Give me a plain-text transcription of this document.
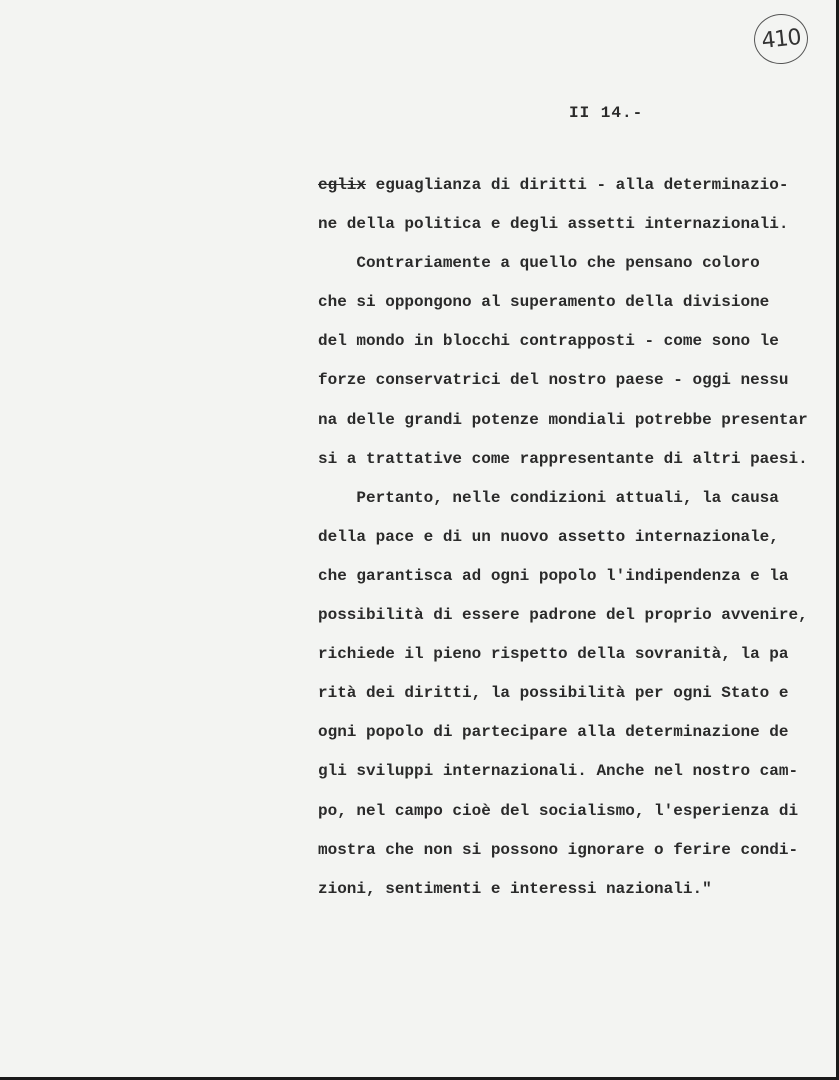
410
II 14.-
eglix eguaglianza di diritti - alla determinazio-
ne della politica e degli assetti internazionali.
Contrariamente a quello che pensano coloro
che si oppongono al superamento della divisione
del mondo in blocchi contrapposti - come sono le
forze conservatrici del nostro paese - oggi nessu
na delle grandi potenze mondiali potrebbe presentar
si a trattative come rappresentante di altri paesi.
Pertanto, nelle condizioni attuali, la causa
della pace e di un nuovo assetto internazionale,
che garantisca ad ogni popolo l'indipendenza e la
possibilità di essere padrone del proprio avvenire,
richiede il pieno rispetto della sovranità, la pa
rità dei diritti, la possibilità per ogni Stato e
ogni popolo di partecipare alla determinazione de
gli sviluppi internazionali. Anche nel nostro cam-
po, nel campo cioè del socialismo, l'esperienza di
mostra che non si possono ignorare o ferire condi-
zioni, sentimenti e interessi nazionali."
